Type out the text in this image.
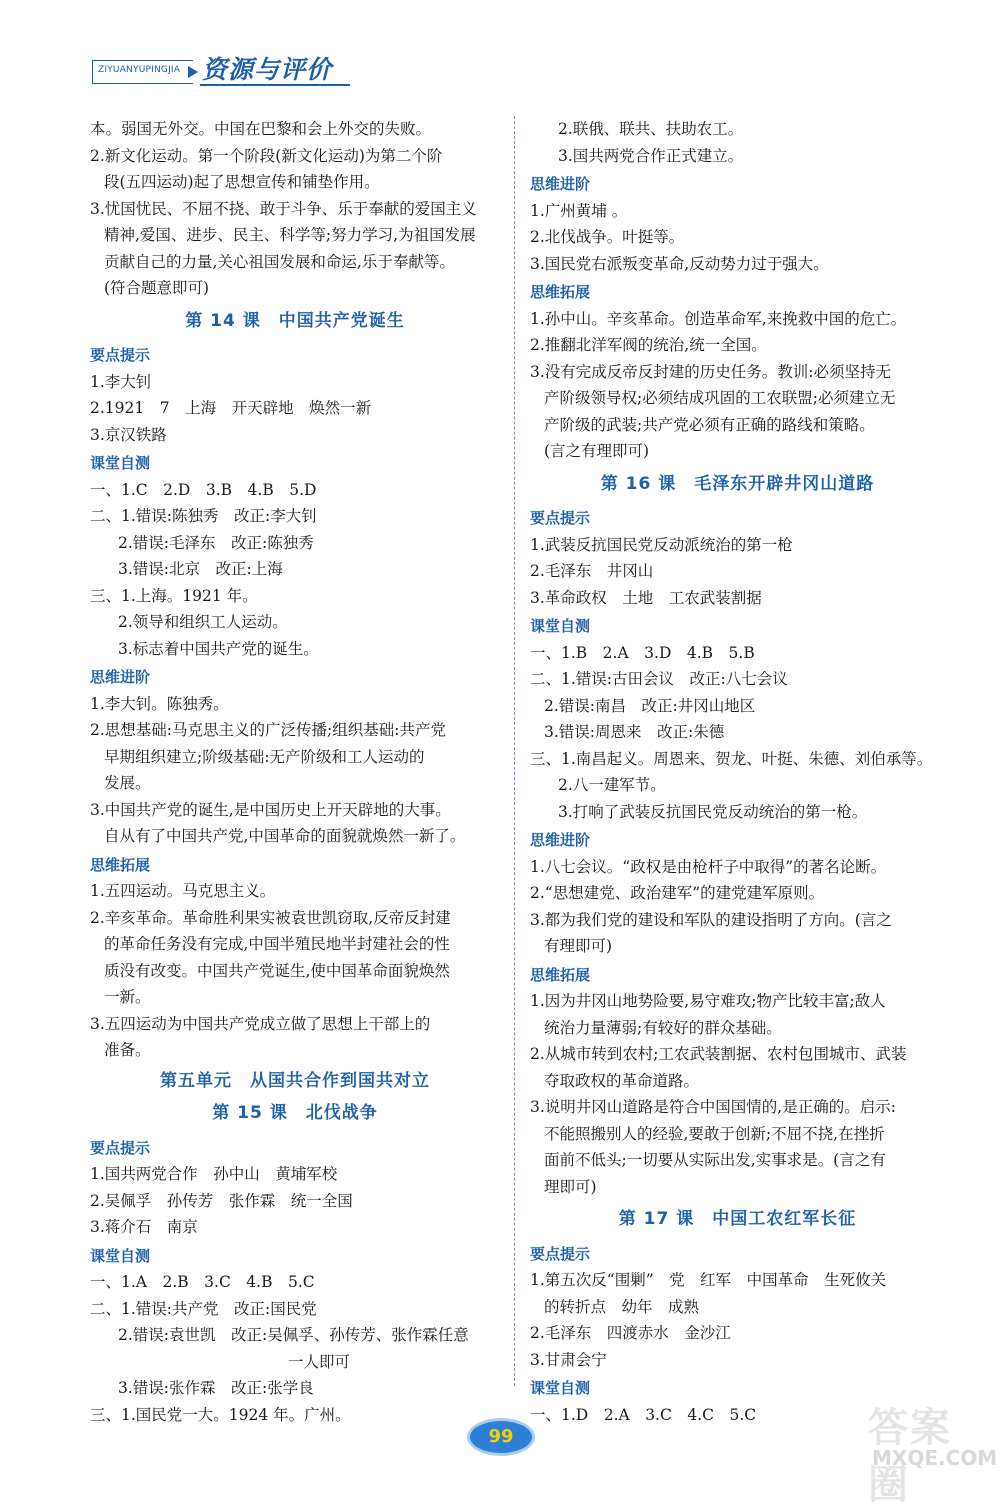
ZIYUANYUPINGJIA 资源与评价
本。弱国无外交。中国在巴黎和会上外交的失败。
2.新文化运动。第一个阶段(新文化运动)为第二个阶
段(五四运动)起了思想宣传和铺垫作用。
3.忧国忧民、不屈不挠、敢于斗争、乐于奉献的爱国主义
精神,爱国、进步、民主、科学等;努力学习,为祖国发展
贡献自己的力量,关心祖国发展和命运,乐于奉献等。
(符合题意即可)
第 14 课　中国共产党诞生
要点提示
1.李大钊
2.1921　7　上海　开天辟地　焕然一新
3.京汉铁路
课堂自测
一、1.C　2.D　3.B　4.B　5.D
二、1.错误:陈独秀　改正:李大钊
2.错误:毛泽东　改正:陈独秀
3.错误:北京　改正:上海
三、1.上海。1921 年。
2.领导和组织工人运动。
3.标志着中国共产党的诞生。
思维进阶
1.李大钊。陈独秀。
2.思想基础:马克思主义的广泛传播;组织基础:共产党
早期组织建立;阶级基础:无产阶级和工人运动的
发展。
3.中国共产党的诞生,是中国历史上开天辟地的大事。
自从有了中国共产党,中国革命的面貌就焕然一新了。
思维拓展
1.五四运动。马克思主义。
2.辛亥革命。革命胜利果实被袁世凯窃取,反帝反封建
的革命任务没有完成,中国半殖民地半封建社会的性
质没有改变。中国共产党诞生,使中国革命面貌焕然
一新。
3.五四运动为中国共产党成立做了思想上干部上的
准备。
第五单元　从国共合作到国共对立
第 15 课　北伐战争
要点提示
1.国共两党合作　孙中山　黄埔军校
2.吴佩孚　孙传芳　张作霖　统一全国
3.蒋介石　南京
课堂自测
一、1.A　2.B　3.C　4.B　5.C
二、1.错误:共产党　改正:国民党
2.错误:袁世凯　改正:吴佩孚、孙传芳、张作霖任意
一人即可
3.错误:张作霖　改正:张学良
三、1.国民党一大。1924 年。广州。
2.联俄、联共、扶助农工。
3.国共两党合作正式建立。
思维进阶
1.广州黄埔 。
2.北伐战争。叶挺等。
3.国民党右派叛变革命,反动势力过于强大。
思维拓展
1.孙中山。辛亥革命。创造革命军,来挽救中国的危亡。
2.推翻北洋军阀的统治,统一全国。
3.没有完成反帝反封建的历史任务。教训:必须坚持无
产阶级领导权;必须结成巩固的工农联盟;必须建立无
产阶级的武装;共产党必须有正确的路线和策略。
(言之有理即可)
第 16 课　毛泽东开辟井冈山道路
要点提示
1.武装反抗国民党反动派统治的第一枪
2.毛泽东　井冈山
3.革命政权　土地　工农武装割据
课堂自测
一、1.B　2.A　3.D　4.B　5.B
二、1.错误:古田会议　改正:八七会议
2.错误:南昌　改正:井冈山地区
3.错误:周恩来　改正:朱德
三、1.南昌起义。周恩来、贺龙、叶挺、朱德、刘伯承等。
2.八一建军节。
3.打响了武装反抗国民党反动统治的第一枪。
思维进阶
1.八七会议。“政权是由枪杆子中取得”的著名论断。
2.“思想建党、政治建军”的建党建军原则。
3.都为我们党的建设和军队的建设指明了方向。(言之
有理即可)
思维拓展
1.因为井冈山地势险要,易守难攻;物产比较丰富;敌人
统治力量薄弱;有较好的群众基础。
2.从城市转到农村;工农武装割据、农村包围城市、武装
夺取政权的革命道路。
3.说明井冈山道路是符合中国国情的,是正确的。启示:
不能照搬别人的经验,要敢于创新;不屈不挠,在挫折
面前不低头;一切要从实际出发,实事求是。(言之有
理即可)
第 17 课　中国工农红军长征
要点提示
1.第五次反“围剿”　党　红军　中国革命　生死攸关
的转折点　幼年　成熟
2.毛泽东　四渡赤水　金沙江
3.甘肃会宁
课堂自测
一、1.D　2.A　3.C　4.C　5.C
99	答案圈
MXQE.COM
